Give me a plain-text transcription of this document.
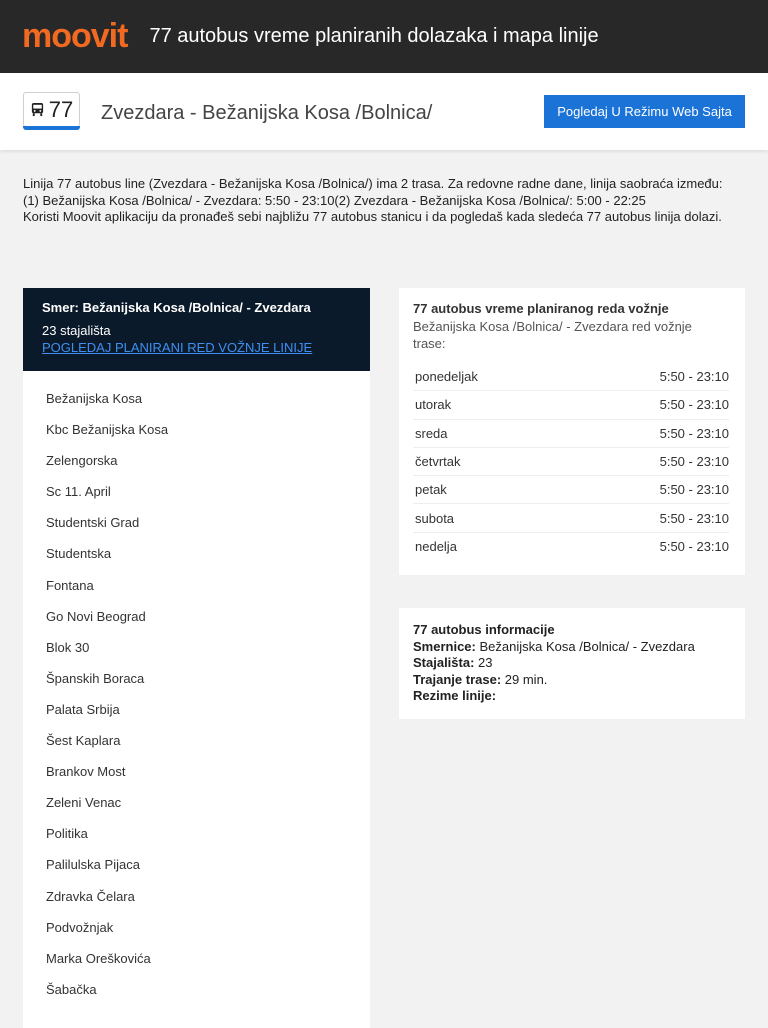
moovit 77 autobus vreme planiranih dolazaka i mapa linije
77 Zvezdara - Bežanijska Kosa /Bolnica/	Pogledaj U Režimu Web Sajta

Linija 77 autobus line (Zvezdara - Bežanijska Kosa /Bolnica/) ima 2 trasa. Za redovne radne dane, linija saobraća između:

(1) Bežanijska Kosa /Bolnica/ - Zvezdara: 5:50 - 23:10(2) Zvezdara - Bežanijska Kosa /Bolnica/: 5:00 - 22:25

Koristi Moovit aplikaciju da pronađeš sebi najbližu 77 autobus stanicu i da pogledaš kada sledeća 77 autobus linija dolazi.

Smer: Bežanijska Kosa /Bolnica/ - Zvezdara
23 stajališta
POGLEDAJ PLANIRANI RED VOŽNJE LINIJE
Bežanijska Kosa
Kbc Bežanijska Kosa
Zelengorska
Sc 11. April
Studentski Grad
Studentska
Fontana
Go Novi Beograd
Blok 30
Španskih Boraca
Palata Srbija
Šest Kaplara
Brankov Most
Zeleni Venac
Politika
Palilulska Pijaca
Zdravka Čelara
Podvožnjak
Marka Oreškovića
Šabačka
77 autobus vreme planiranog reda vožnje
Bežanijska Kosa /Bolnica/ - Zvezdara red vožnje trase:
ponedeljak	5:50 - 23:10
utorak	5:50 - 23:10
sreda	5:50 - 23:10
četvrtak	5:50 - 23:10
petak	5:50 - 23:10
subota	5:50 - 23:10
nedelja	5:50 - 23:10
77 autobus informacije
Smernice: Bežanijska Kosa /Bolnica/ - Zvezdara
Stajališta: 23
Trajanje trase: 29 min.
Rezime linije:
